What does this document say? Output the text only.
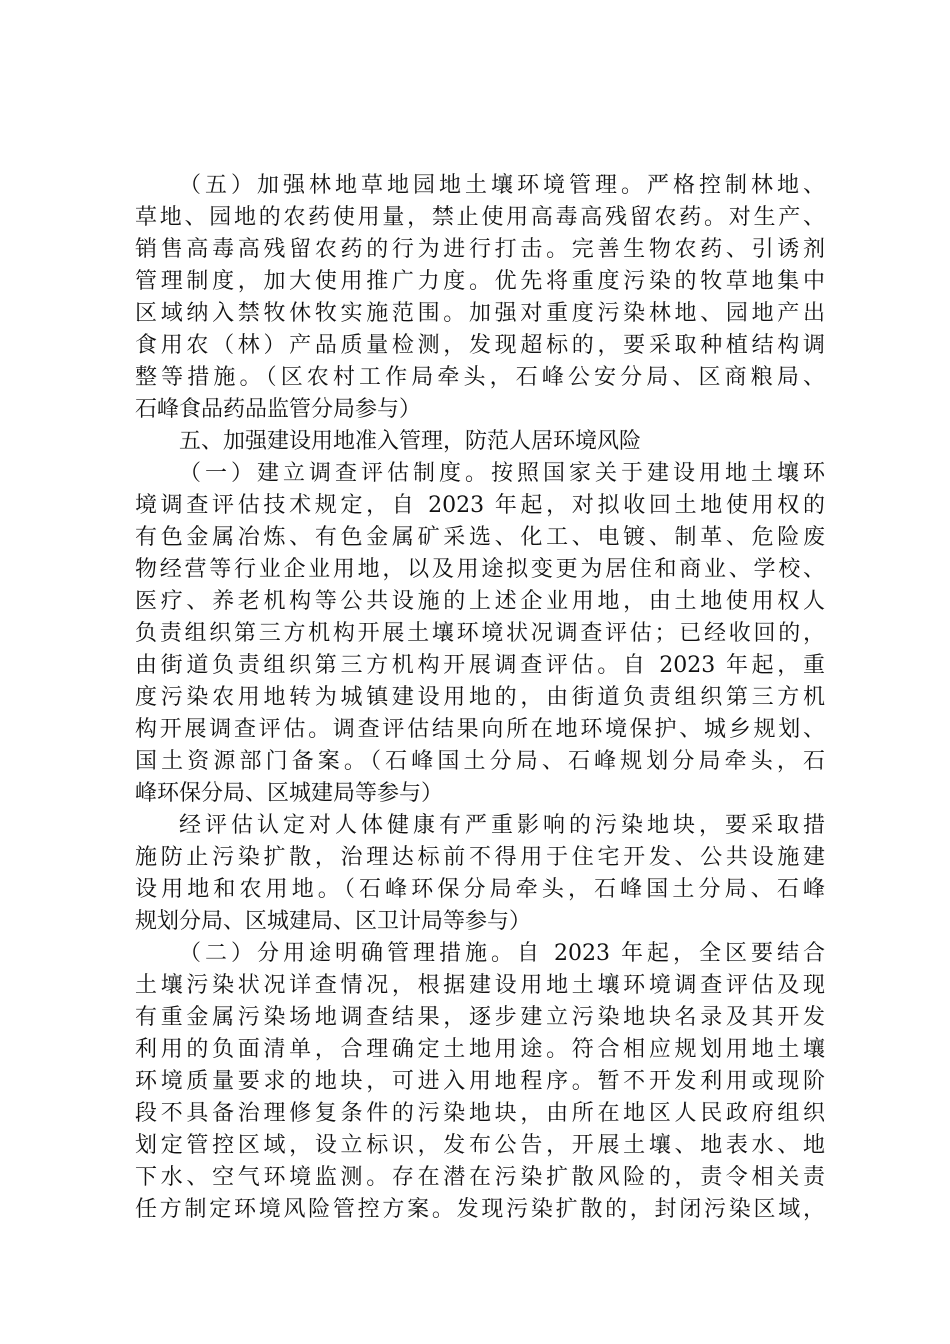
（五）加强林地草地园地土壤环境管理。严格控制林地、
草地、园地的农药使用量，禁止使用高毒高残留农药。对生产、
销售高毒高残留农药的行为进行打击。完善生物农药、引诱剂
管理制度，加大使用推广力度。优先将重度污染的牧草地集中
区域纳入禁牧休牧实施范围。加强对重度污染林地、园地产出
食用农（林）产品质量检测，发现超标的，要采取种植结构调
整等措施。（区农村工作局牵头，石峰公安分局、区商粮局、
石峰食品药品监管分局参与）
五、加强建设用地准入管理，防范人居环境风险
（一）建立调查评估制度。按照国家关于建设用地土壤环
境调查评估技术规定，自 2023 年起，对拟收回土地使用权的
有色金属冶炼、有色金属矿采选、化工、电镀、制革、危险废
物经营等行业企业用地，以及用途拟变更为居住和商业、学校、
医疗、养老机构等公共设施的上述企业用地，由土地使用权人
负责组织第三方机构开展土壤环境状况调查评估；已经收回的，
由街道负责组织第三方机构开展调查评估。自 2023 年起，重
度污染农用地转为城镇建设用地的，由街道负责组织第三方机
构开展调查评估。调查评估结果向所在地环境保护、城乡规划、
国土资源部门备案。（石峰国土分局、石峰规划分局牵头，石
峰环保分局、区城建局等参与）
经评估认定对人体健康有严重影响的污染地块，要采取措
施防止污染扩散，治理达标前不得用于住宅开发、公共设施建
设用地和农用地。（石峰环保分局牵头，石峰国土分局、石峰
规划分局、区城建局、区卫计局等参与）
（二）分用途明确管理措施。自 2023 年起，全区要结合
土壤污染状况详查情况，根据建设用地土壤环境调查评估及现
有重金属污染场地调查结果，逐步建立污染地块名录及其开发
利用的负面清单，合理确定土地用途。符合相应规划用地土壤
环境质量要求的地块，可进入用地程序。暂不开发利用或现阶
段不具备治理修复条件的污染地块，由所在地区人民政府组织
划定管控区域，设立标识，发布公告，开展土壤、地表水、地
下水、空气环境监测。存在潜在污染扩散风险的，责令相关责
任方制定环境风险管控方案。发现污染扩散的，封闭污染区域，
